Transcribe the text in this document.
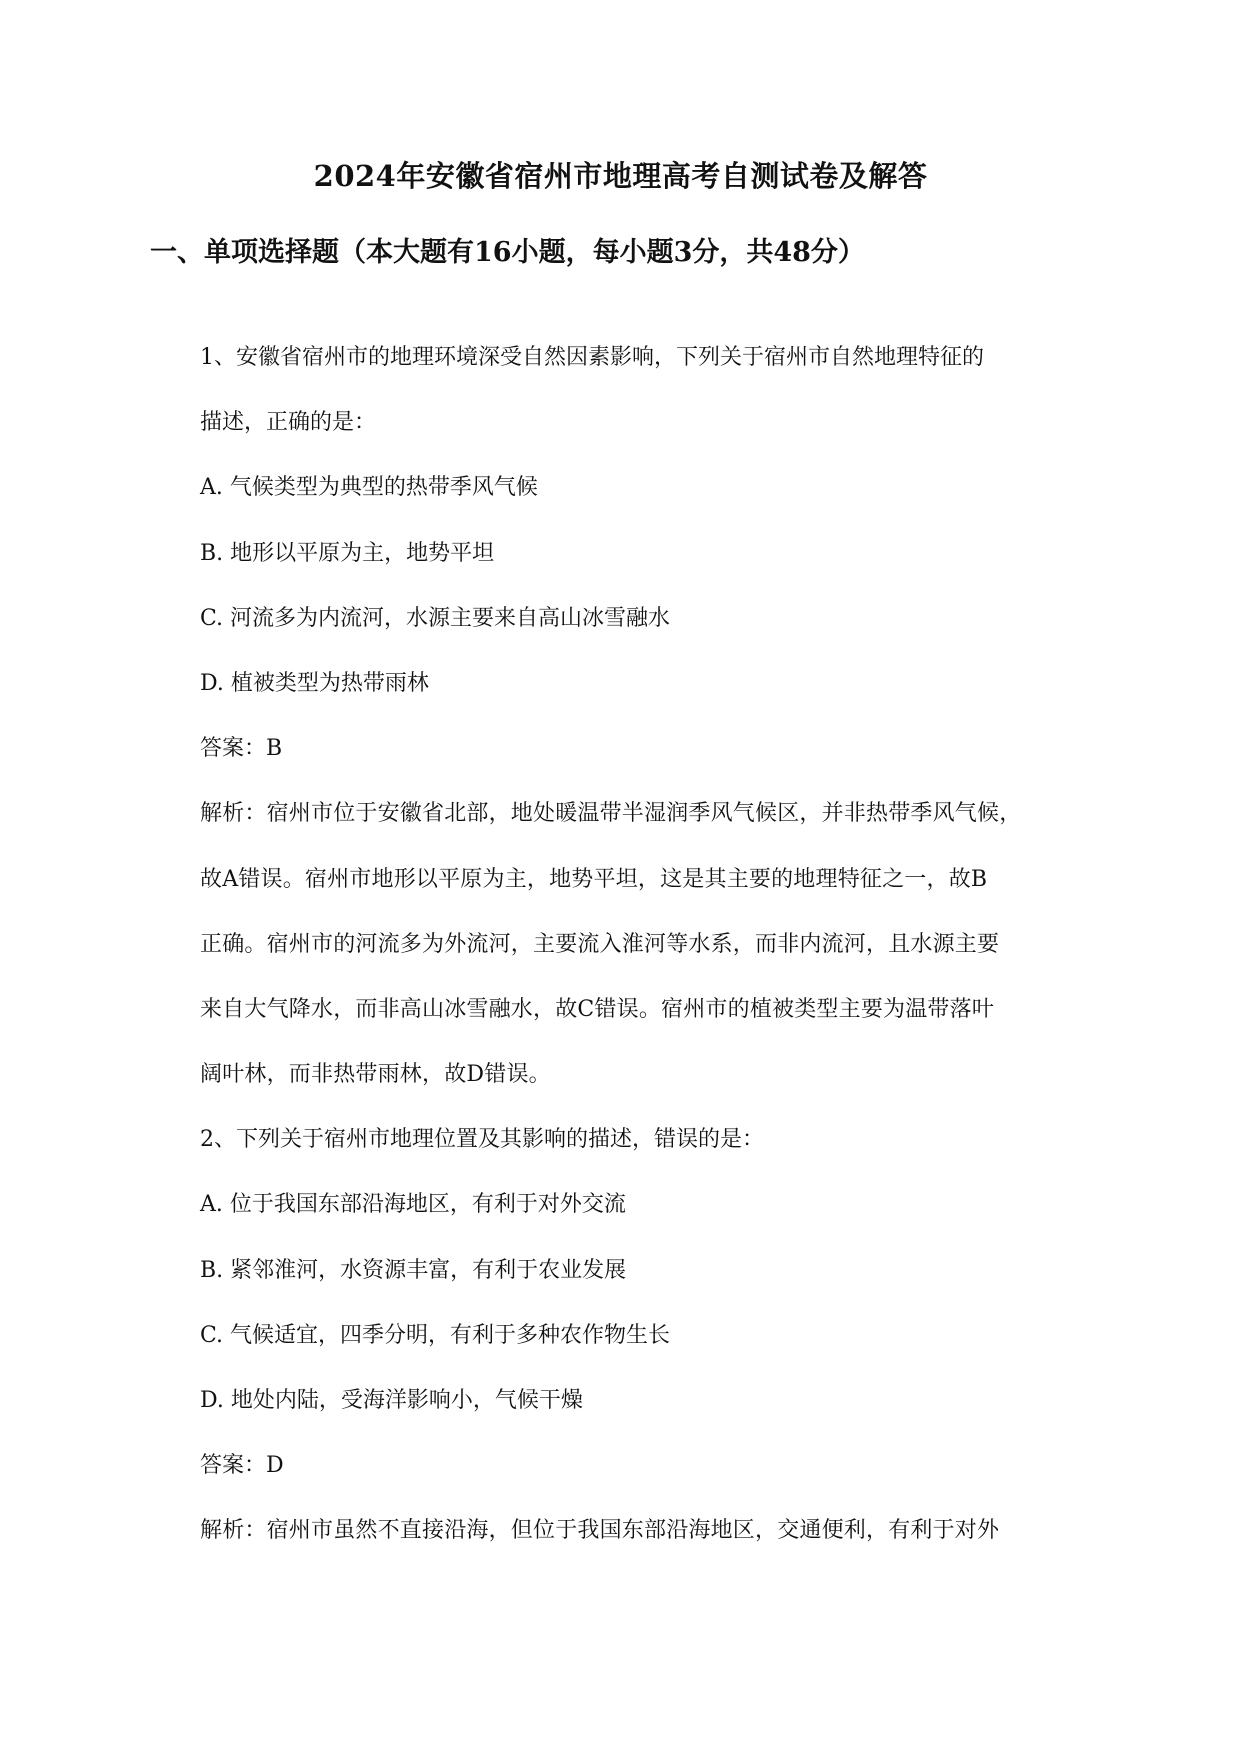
2024年安徽省宿州市地理高考自测试卷及解答
一、单项选择题（本大题有16小题，每小题3分，共48分）

1、安徽省宿州市的地理环境深受自然因素影响，下列关于宿州市自然地理特征的

描述，正确的是：

A. 气候类型为典型的热带季风气候

B. 地形以平原为主，地势平坦

C. 河流多为内流河，水源主要来自高山冰雪融水

D. 植被类型为热带雨林

答案：B

解析：宿州市位于安徽省北部，地处暖温带半湿润季风气候区，并非热带季风气候，

故A错误。宿州市地形以平原为主，地势平坦，这是其主要的地理特征之一，故B

正确。宿州市的河流多为外流河，主要流入淮河等水系，而非内流河，且水源主要

来自大气降水，而非高山冰雪融水，故C错误。宿州市的植被类型主要为温带落叶

阔叶林，而非热带雨林，故D错误。

2、下列关于宿州市地理位置及其影响的描述，错误的是：

A. 位于我国东部沿海地区，有利于对外交流

B. 紧邻淮河，水资源丰富，有利于农业发展

C. 气候适宜，四季分明，有利于多种农作物生长

D. 地处内陆，受海洋影响小，气候干燥

答案：D

解析：宿州市虽然不直接沿海，但位于我国东部沿海地区，交通便利，有利于对外
